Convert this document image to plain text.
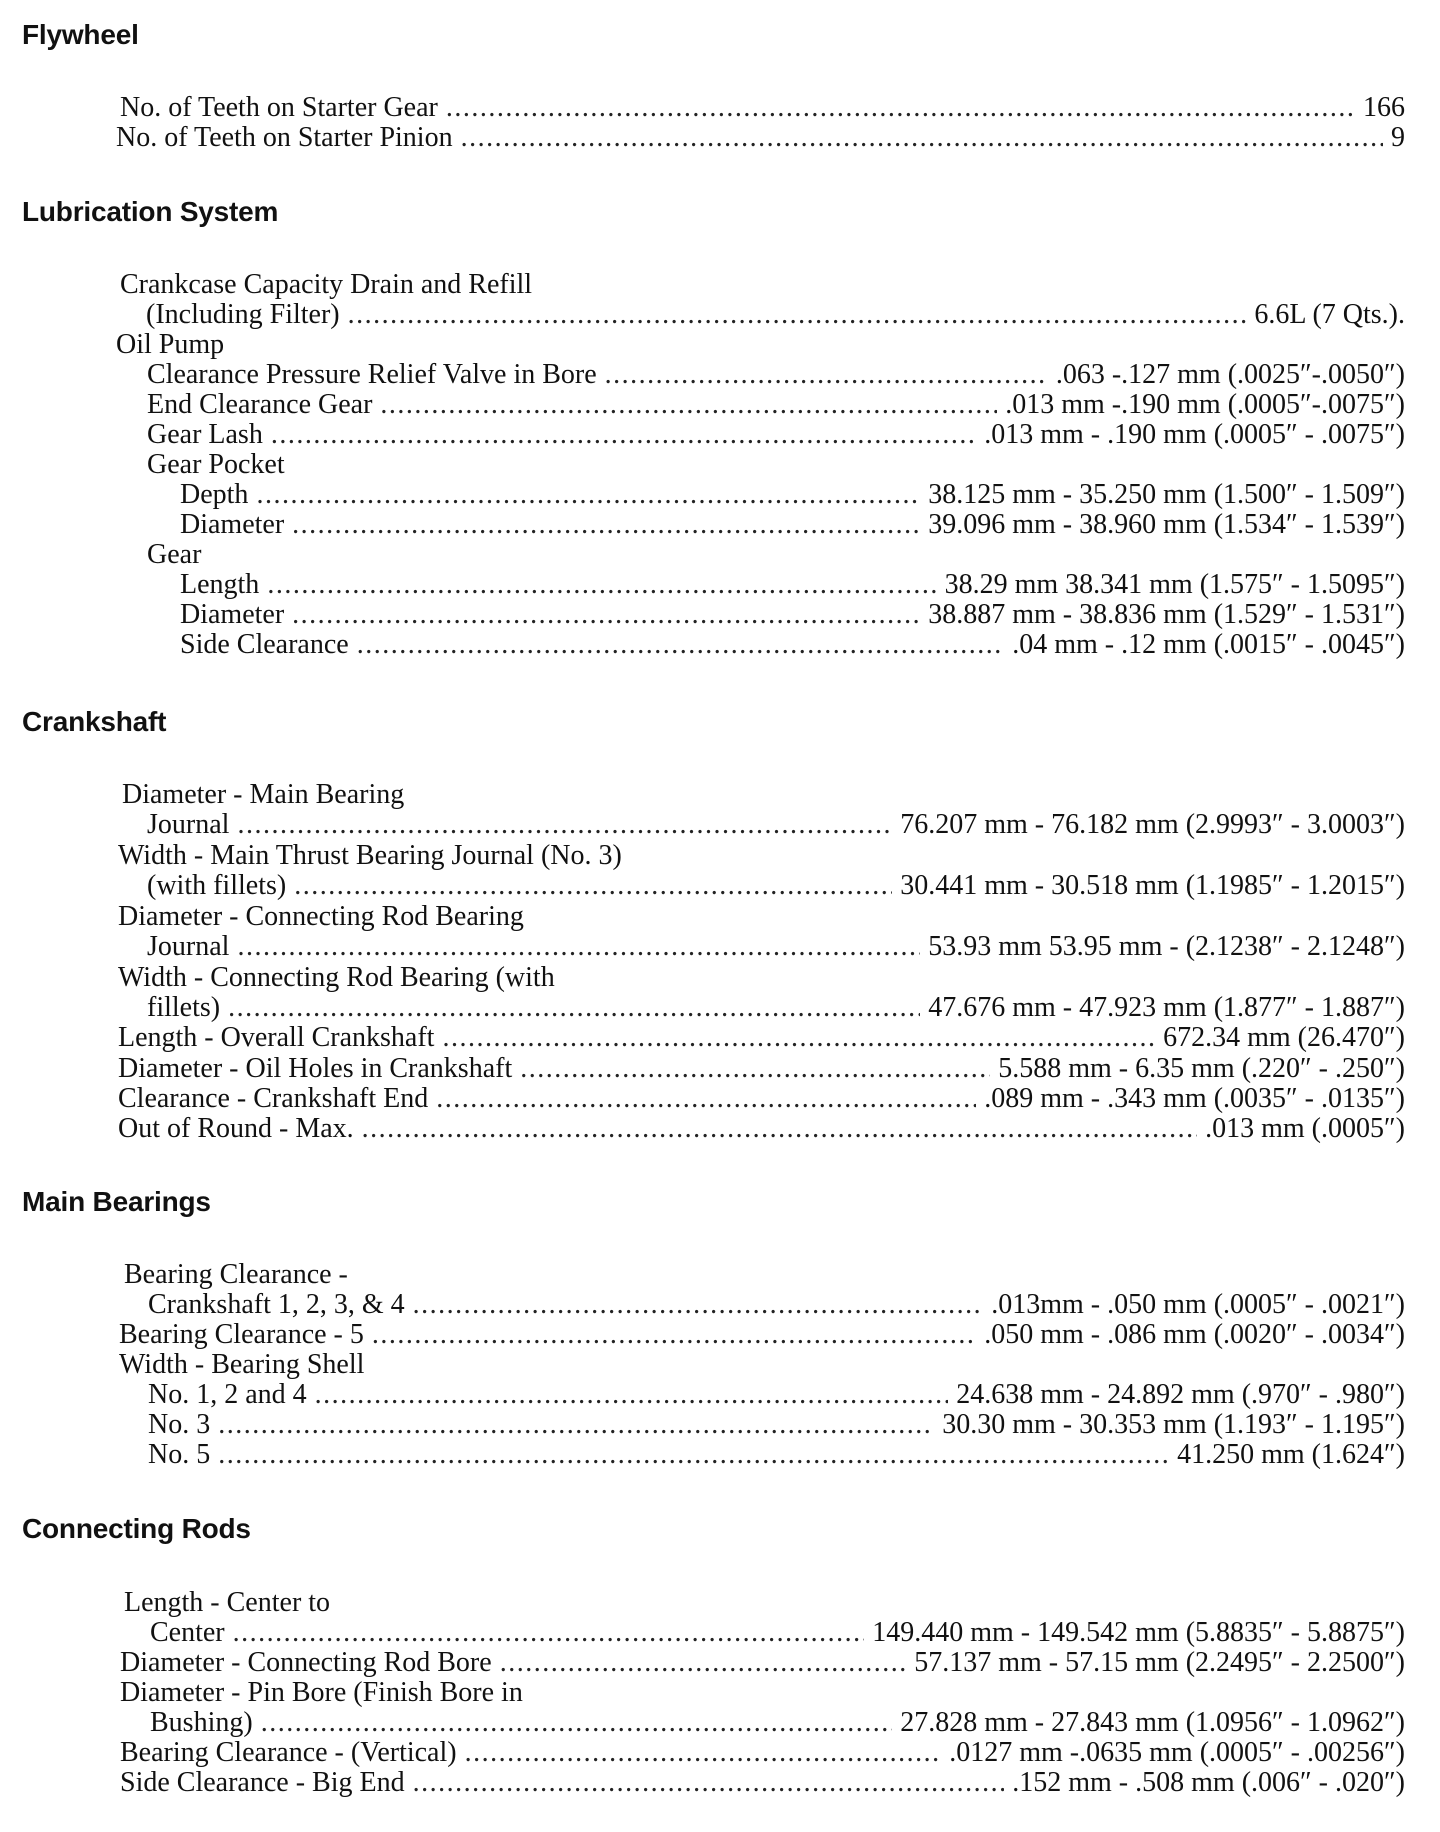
Flywheel
No. of Teeth on Starter Gear .....	166
No. of Teeth on Starter Pinion .....	9
Lubrication System
Crankcase Capacity Drain and Refill
(Including Filter) .....	6.6L (7 Qts.).
Oil Pump
Clearance Pressure Relief Valve in Bore .....	.063 -.127 mm (.0025″-.0050″)
End Clearance Gear .....	.013 mm -.190 mm (.0005″-.0075″)
Gear Lash .....	.013 mm - .190 mm (.0005″ - .0075″)
Gear Pocket
Depth .....	38.125 mm - 35.250 mm (1.500″ - 1.509″)
Diameter .....	39.096 mm - 38.960 mm (1.534″ - 1.539″)
Gear
Length .....	38.29 mm 38.341 mm (1.575″ - 1.5095″)
Diameter .....	38.887 mm - 38.836 mm (1.529″ - 1.531″)
Side Clearance .....	.04 mm - .12 mm (.0015″ - .0045″)
Crankshaft
Diameter - Main Bearing
Journal .....	76.207 mm - 76.182 mm (2.9993″ - 3.0003″)
Width - Main Thrust Bearing Journal (No. 3)
(with fillets) .....	30.441 mm - 30.518 mm (1.1985″ - 1.2015″)
Diameter - Connecting Rod Bearing
Journal .....	53.93 mm 53.95 mm - (2.1238″ - 2.1248″)
Width - Connecting Rod Bearing (with
fillets) .....	47.676 mm - 47.923 mm (1.877″ - 1.887″)
Length - Overall Crankshaft .....	672.34 mm (26.470″)
Diameter - Oil Holes in Crankshaft .....	5.588 mm - 6.35 mm (.220″ - .250″)
Clearance - Crankshaft End .....	.089 mm - .343 mm (.0035″ - .0135″)
Out of Round - Max. .....	.013 mm (.0005″)
Main Bearings
Bearing Clearance -
Crankshaft 1, 2, 3, & 4 .....	.013mm - .050 mm (.0005″ - .0021″)
Bearing Clearance - 5 .....	.050 mm - .086 mm (.0020″ - .0034″)
Width - Bearing Shell
No. 1, 2 and 4 .....	24.638 mm - 24.892 mm (.970″ - .980″)
No. 3 .....	30.30 mm - 30.353 mm (1.193″ - 1.195″)
No. 5 .....	41.250 mm (1.624″)
Connecting Rods
Length - Center to
Center .....	149.440 mm - 149.542 mm (5.8835″ - 5.8875″)
Diameter - Connecting Rod Bore .....	57.137 mm - 57.15 mm (2.2495″ - 2.2500″)
Diameter - Pin Bore (Finish Bore in
Bushing) .....	27.828 mm - 27.843 mm (1.0956″ - 1.0962″)
Bearing Clearance - (Vertical) .....	.0127 mm -.0635 mm (.0005″ - .00256″)
Side Clearance - Big End .....	.152 mm - .508 mm (.006″ - .020″)
